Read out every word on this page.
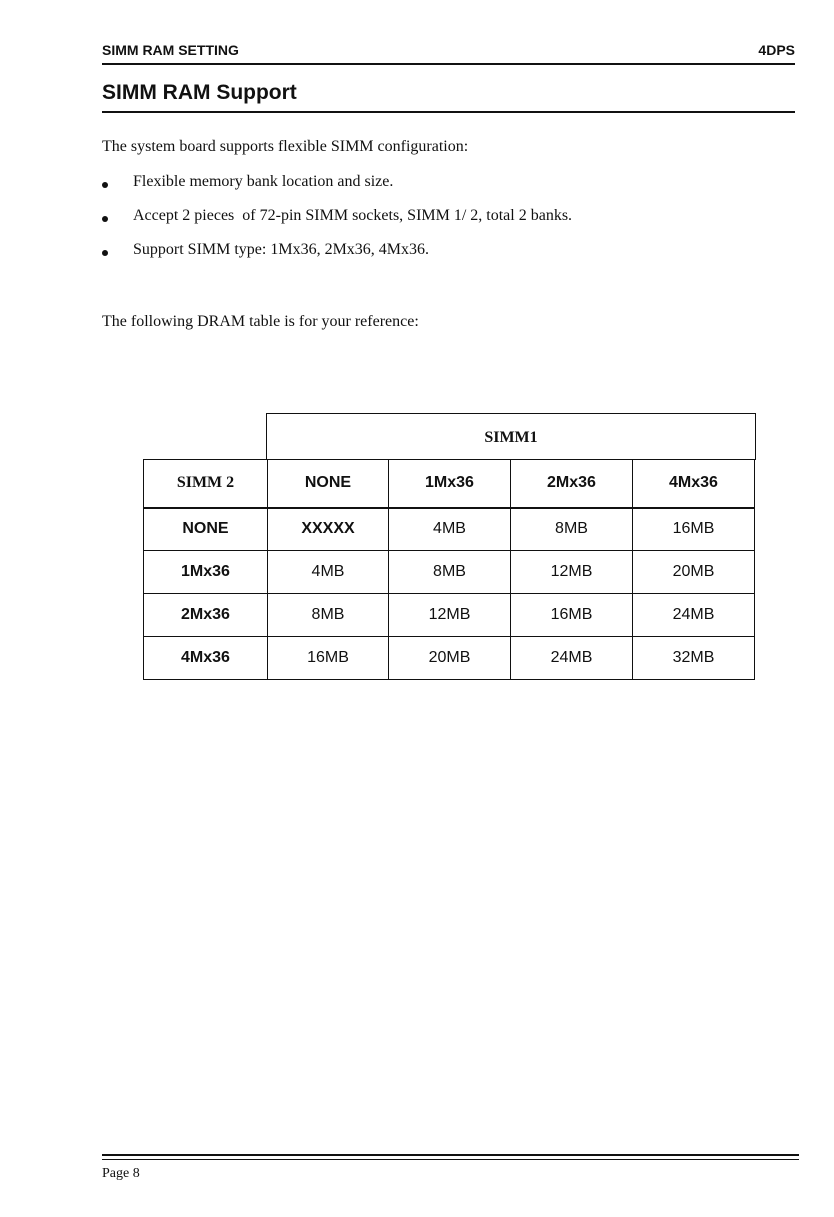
SIMM RAM SETTING	4DPS
SIMM RAM Support
The system board supports flexible SIMM configuration:
Flexible memory bank location and size.
Accept 2 pieces  of 72-pin SIMM sockets, SIMM 1/ 2, total 2 banks.
Support SIMM type: 1Mx36, 2Mx36, 4Mx36.
The following DRAM table is for your reference:
SIMM1
SIMM 2	NONE	1Mx36	2Mx36	4Mx36
NONE	XXXXX	4MB	8MB	16MB
1Mx36	4MB	8MB	12MB	20MB
2Mx36	8MB	12MB	16MB	24MB
4Mx36	16MB	20MB	24MB	32MB
Page 8
